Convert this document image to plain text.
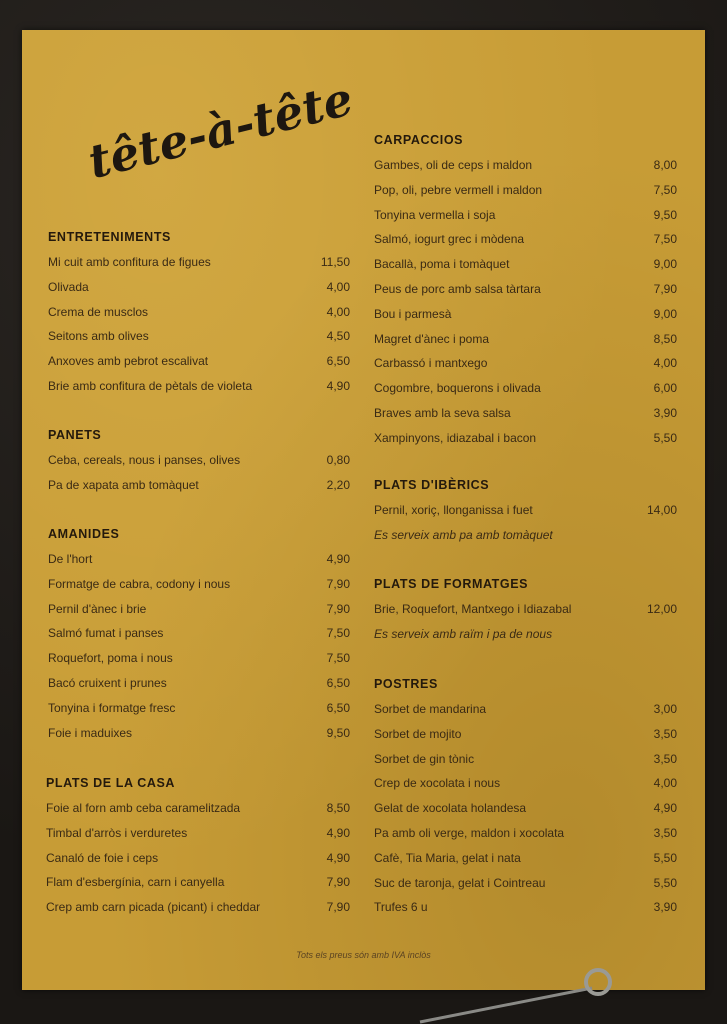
tête-à-tête
ENTRETENIMENTS
Mi cuit amb confitura de figues	11,50
Olivada	4,00
Crema de musclos	4,00
Seitons amb olives	4,50
Anxoves amb pebrot escalivat	6,50
Brie amb confitura de pètals de violeta	4,90
PANETS
Ceba, cereals, nous i panses, olives	0,80
Pa de xapata amb tomàquet	2,20
AMANIDES
De l'hort	4,90
Formatge de cabra, codony i nous	7,90
Pernil d'ànec i brie	7,90
Salmó fumat i panses	7,50
Roquefort, poma i nous	7,50
Bacó cruixent i prunes	6,50
Tonyina i formatge fresc	6,50
Foie i maduixes	9,50
PLATS DE LA CASA
Foie al forn amb ceba caramelitzada	8,50
Timbal d'arròs i verduretes	4,90
Canaló de foie i ceps	4,90
Flam d'esbergínia, carn i canyella	7,90
Crep amb carn picada (picant) i cheddar	7,90
CARPACCIOS
Gambes, oli de ceps i maldon	8,00
Pop, oli, pebre vermell i maldon	7,50
Tonyina vermella i soja	9,50
Salmó, iogurt grec i mòdena	7,50
Bacallà, poma i tomàquet	9,00
Peus de porc amb salsa tàrtara	7,90
Bou i parmesà	9,00
Magret d'ànec i poma	8,50
Carbassó i mantxego	4,00
Cogombre, boquerons i olivada	6,00
Braves amb la seva salsa	3,90
Xampinyons, idiazabal i bacon	5,50
PLATS D'IBÈRICS
Pernil, xoriç, llonganissa i fuet	14,00
Es serveix amb pa amb tomàquet
PLATS DE FORMATGES
Brie, Roquefort, Mantxego i Idiazabal	12,00
Es serveix amb raïm i pa de nous
POSTRES
Sorbet de mandarina	3,00
Sorbet de mojito	3,50
Sorbet de gin tònic	3,50
Crep de xocolata i nous	4,00
Gelat de xocolata holandesa	4,90
Pa amb oli verge, maldon i xocolata	3,50
Cafè, Tia Maria, gelat i nata	5,50
Suc de taronja, gelat i Cointreau	5,50
Trufes 6 u	3,90
Tots els preus són amb IVA inclòs
